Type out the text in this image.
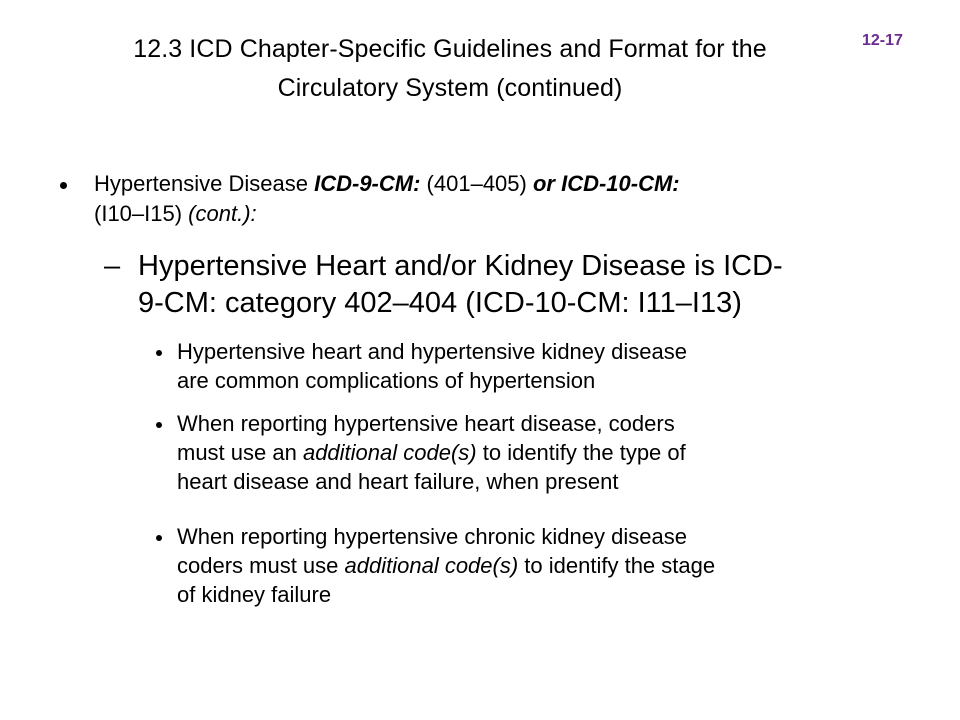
12.3 ICD Chapter-Specific Guidelines and Format for the
Circulatory System (continued)
12-17
Hypertensive Disease ICD-9-CM: (401–405) or ICD-10-CM:
(I10–I15) (cont.):
– Hypertensive Heart and/or Kidney Disease is ICD-
9-CM: category 402–404 (ICD-10-CM: I11–I13)
Hypertensive heart and hypertensive kidney disease
are common complications of hypertension
When reporting hypertensive heart disease, coders
must use an additional code(s) to identify the type of
heart disease and heart failure, when present
When reporting hypertensive chronic kidney disease
coders must use additional code(s) to identify the stage
of kidney failure
